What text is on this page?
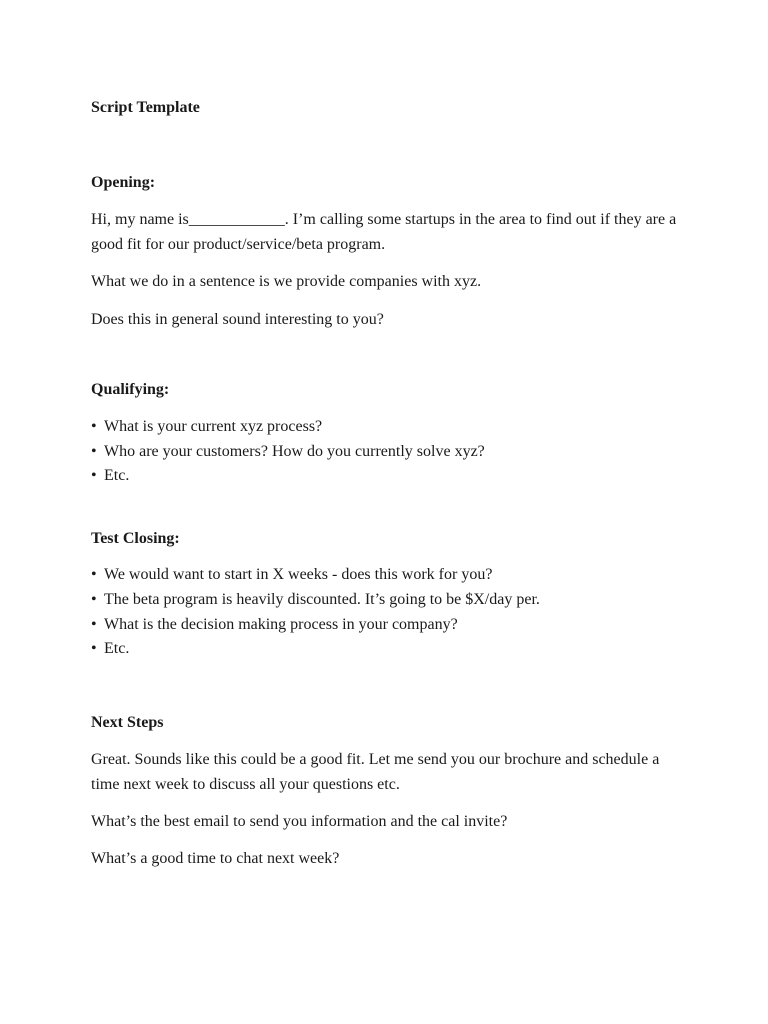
Script Template

Opening:

Hi, my name is____________. I’m calling some startups in the area to find out if they are a good fit for our product/service/beta program.

What we do in a sentence is we provide companies with xyz.

Does this in general sound interesting to you?

Qualifying:

• What is your current xyz process?
• Who are your customers? How do you currently solve xyz?
• Etc.

Test Closing:

• We would want to start in X weeks - does this work for you?
• The beta program is heavily discounted. It’s going to be $X/day per.
• What is the decision making process in your company?
• Etc.

Next Steps

Great. Sounds like this could be a good fit. Let me send you our brochure and schedule a time next week to discuss all your questions etc.

What’s the best email to send you information and the cal invite?

What’s a good time to chat next week?
